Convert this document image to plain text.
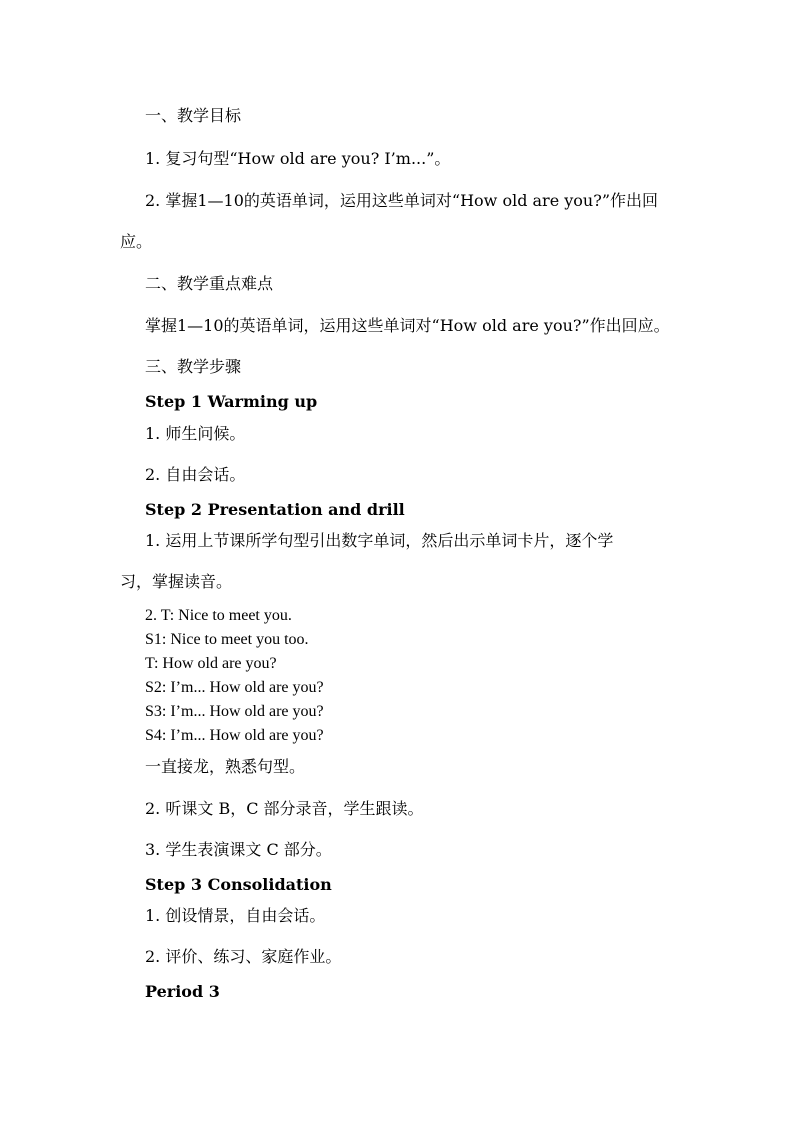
一、教学目标

1. 复习句型“How old are you? I’m...”。

2. 掌握1—10的英语单词，运用这些单词对“How old are you?”作出回

应。

二、教学重点难点

掌握1—10的英语单词，运用这些单词对“How old are you?”作出回应。

三、教学步骤

Step 1 Warming up

1. 师生问候。

2. 自由会话。

Step 2 Presentation and drill

1. 运用上节课所学句型引出数字单词，然后出示单词卡片，逐个学

习，掌握读音。

2. T: Nice to meet you.

S1: Nice to meet you too.

T: How old are you?

S2: I’m... How old are you?

S3: I’m... How old are you?

S4: I’m... How old are you?

一直接龙，熟悉句型。

2. 听课文 B，C 部分录音，学生跟读。

3. 学生表演课文 C 部分。

Step 3 Consolidation

1. 创设情景，自由会话。

2. 评价、练习、家庭作业。

Period 3
